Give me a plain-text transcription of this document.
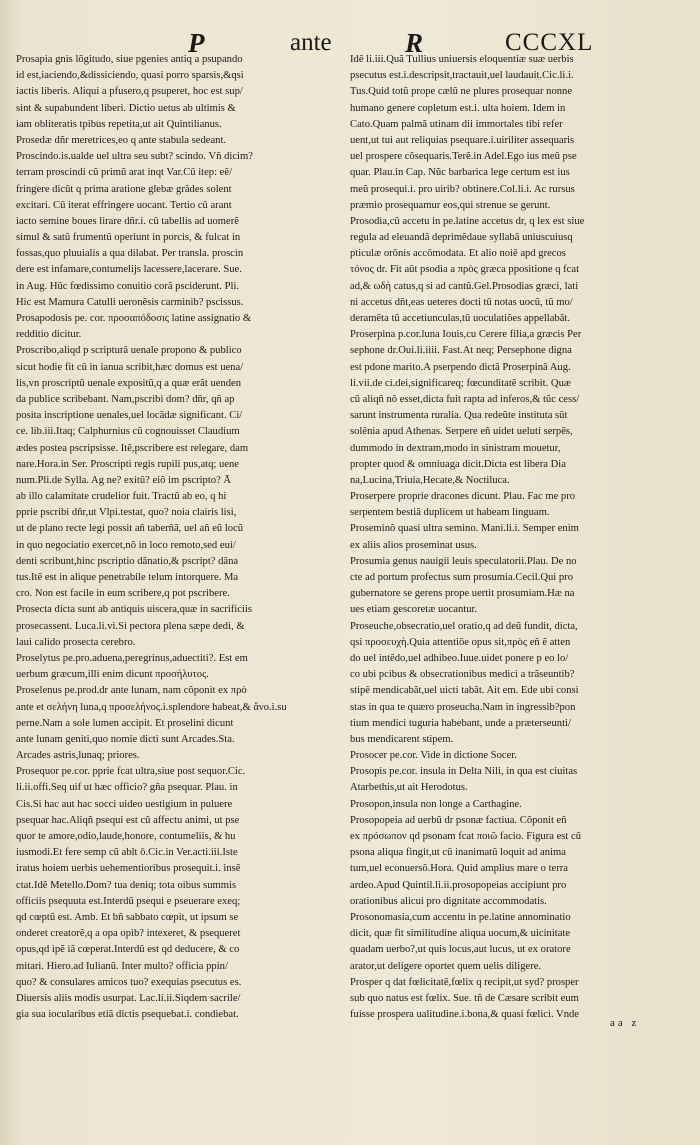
P	ante	R	CCCXL
Prosapia gnis lõgitudo, siue pgenies antiq a psupando
id est,iaciendo,&dissiciendo, quasi porro sparsis,&qsi
iactis liberis. Aliqui a pfusero,q psuperet, hoc est sup/
sint & supabundent liberi. Dictio uetus ab ultimis &
iam obliteratis tpibus repetita,ut ait Quintilianus.
Prosedæ dñr meretrices,eo q ante stabula sedeant.
Proscindo.is.ualde uel ultra seu subt? scindo. Vñ dicim?
terram proscindi cũ primũ arat inqt Var.Cũ itep: eẽ/
fringere dicũt q prima aratione glebæ grãdes solent
excitari. Cũ iterat effringere uocant. Tertio cũ arant
iacto semine boues lirare dñr.i. cũ tabellis ad uomerẽ
simul & satũ frumentũ operiunt in porcis, & fulcat in
fossas,quo pluuialis a qua dilabat. Per transla. proscin
dere est infamare,contumelijs lacessere,lacerare. Sue.
in Aug. Hũc fœdissimo conuitio corã psciderunt. Pli.
Hic est Mamura Catulli ueronẽsis carminib? pscissus.
Prosapodosis pe. cor. πρoσαπóδοσις latine assignatio &
redditio dicitur.
Proscribo,aliqd p scripturã uenale propono & publico
sicut hodie fit cũ in ianua scribit,hæc domus est uena/
lis,vn proscriptũ uenale expositũ,q a quæ erãt uenden
da publice scribebant. Nam,pscribi dom? dñr, qñ ap
posita inscriptione uenales,uel locãdæ significant. Ci/
ce. lib.iii.Itaq; Calphurnius cũ cognouisset Claudium
ædes postea pscripsisse. Itẽ,pscribere est relegare, dam
nare.Hora.in Ser. Proscripti regis rupili pus,atq; uene
num.Pli.de Sylla. Ag ne? exitũ? eiõ im pscripto? Ā
ab illo calamitate crudelior fuit. Tractũ ab eo, q hi
pprie pscribi dñr,ut Vlpi.testat, quo? noia clairis lisi,
ut de plano recte legi possit añ taberñã, uel añ eũ locũ
in quo negociatio exercet,nõ in loco remoto,sed eui/
denti scribunt,hinc pscriptio dãnatio,& pscript? dãna
tus.Itẽ est in alique penetrabile telum intorquere. Ma
cro. Non est facile in eum scribere,q pot pscribere.
Prosecta dicta sunt ab antiquis uiscera,quæ in sacrificiis
prosecassent. Luca.li.vi.Si pectora plena sæpe dedi, &
laui calido prosecta cerebro.
Proselytus pe.pro.aduena,peregrinus,aduectiti?. Est em
uerbum græcum,illi enim dicunt προσήλυτος.
Proselenus pe.prod.dr ante lunam, nam cõponit ex πρò
ante et σελήνη luna,q πρoσελήνος.i.splendore habeat,& ἄνο.i.su
perne.Nam a sole lumen accipit. Et proselini dicunt
ante lunam geniti,quo nomie dicti sunt Arcades.Sta.
Arcades astris,lunaq; priores.
Prosequor pe.cor. pprie fcat ultra,siue post sequor.Cic.
li.ii.offi.Seq uif ut hæc officio? gña psequar. Plau. in
Cis.Si hac aut hac socci uideo uestigium in puluere
psequar hac.Aliqñ psequi est cũ affectu animi, ut pse
quor te amore,odio,laude,honore, contumeliis, & hu
iusmodi.Et fere semp cũ ablt ō.Cic.in Ver.acti.iii.Iste
iratus hoiem uerbis uehementioribus prosequit.i. insẽ
ctat.Idẽ Metello.Dom? tua deniq; tota oibus summis
officiis psequuta est.Interdũ psequi e pseuerare exeq;
qd cœptũ est. Amb. Et bñ sabbato cœpit, ut ipsum se
onderet creatorẽ,q a opa opib? intexeret, & psequeret
opus,qd ipẽ iã cœperat.Interdũ est qd deducere, & co
mitari. Hiero.ad Iulianũ. Inter multo? officia ppin/
quo? & consulares amicos tuo? exequias psecutus es.
Diuersis aliis modis usurpat. Lac.li.ii.Siqdem sacrile/
gia sua iocularibus etiã dictis psequebat.i. condiebat.
Idẽ li.iii.Quã Tullius uniuersis eloquentiæ suæ uerbis
psecutus est.i.descripsit,tractauit,uel laudauit.Cic.li.i.
Tus.Quid totũ prope cælũ ne plures prosequar nonne
humano genere copletum est.i. ulta hoiem. Idem in
Cato.Quam palmã utinam dii immortales tibi refer
uent,ut tui aut reliquias psequare.i.uiriliter assequaris
uel prospere cõsequaris.Terẽ.in Adel.Ego ius meũ pse
quar. Plau.in Cap. Nũc barbarica lege certum est ius
meũ prosequi.i. pro uirib? obtinere.Col.li.i. Ac rursus
præmio prosequamur eos,qui strenue se gerunt.
Prosodia,cũ accetu in pe.latine accetus dr, q lex est siue
regula ad eleuandã deprimẽdaue syllabã uniuscuiusq
pticulæ orõnis accõmodata. Et alio noiẽ apd grecos
τóνος dr. Fit aũt psodia a πρòς græca ppositione q fcat
ad,& ωδὴ catus,q si ad cantũ.Gel.Prosodias græci, lati
ni accetus dñt,eas ueteres docti tũ notas uocũ, tũ mo/
deramẽta tũ accetiunculas,tũ uoculatiões appellabãt.
Proserpina p.cor.luna Iouis,cu Cerere filia,a græcis Per
sephone dr.Oui.li.iiii. Fast.At neq; Persephone digna
est pdone marito.A pserpendo dictã Proserpinã Aug.
li.vii.de ci.dei,significareq; fœcunditatẽ scribit. Quæ
cũ aliqñ nõ esset,dicta fuit rapta ad inferos,& tũc cess/
sarunt instrumenta ruralia. Qua redeũte instituta sũt
solẽnia apud Athenas. Serpere eñ uidet ueluti serpẽs,
dummodo in dextram,modo in sinistram mouetur,
propter quod & omniuaga dicit.Dicta est libera Dia
na,Lucina,Triuia,Hecate,& Noctiluca.
Proserpere proprie dracones dicunt. Plau. Fac me pro
serpentem bestiã duplicem ut habeam linguam.
Proseminõ quasi ultra semino. Mani.li.i. Semper enim
ex aliis alios proseminat usus.
Prosumia genus nauigii leuis speculatorii.Plau. De no
cte ad portum profectus sum prosumia.Cecil.Qui pro
gubernatore se gerens prope uertit prosumiam.Hæ na
ues etiam gescoretæ uocantur.
Proseuche,obsecratio,uel oratio,q ad deũ fundit, dicta,
qsi πρoσευχὴ.Quia attentiõe opus sit,πρòς eñ ẽ atten
do uel intẽdo,uel adhibeo.Iuue.uidet ponere p eo lo/
co ubi pcibus & obsecrationibus medici a trãseuntib?
stipẽ mendicabãt,uel uicti tabãt. Ait em. Ede ubi consi
stas in qua te quæro proseucha.Nam in ingressib?pon
tium mendici tuguria habebant, unde a præterseunti/
bus mendicarent stipem.
Prosocer pe.cor. Vide in dictione Socer.
Prosopis pe.cor. insula in Delta Nili, in qua est ciuitas
Atarbethis,ut ait Herodotus.
Prosopon,insula non longe a Carthagine.
Prosopopeia ad uerbũ dr psonæ factiua. Cõponit eñ
ex πρóσωπον qd psonam fcat ποιῶ facio. Figura est cũ
psona aliqua fingit,ut cũ inanimatũ loquit ad anima
tum,uel econuersõ.Hora. Quid amplius mare o terra
ardeo.Apud Quintil.li.ii.prosopopeias accipiunt pro
orationibus alicui pro dignitate accommodatis.
Prosonomasia,cum accentu in pe.latine annominatio
dicit, quæ fit similitudine aliqua uocum,& uicinitate
quadam uerbo?,ut quis locus,aut lucus, ut ex oratore
arator,ut deligere oportet quem uelis diligere.
Prosper q dat fœlicitatẽ,fœlix q recipit,ut syd? prosper
sub quo natus est fœlix. Sue. tñ de Cæsare scribit eum
fuisse prospera ualitudine.i.bona,& quasi fœlici. Vnde
aa z
